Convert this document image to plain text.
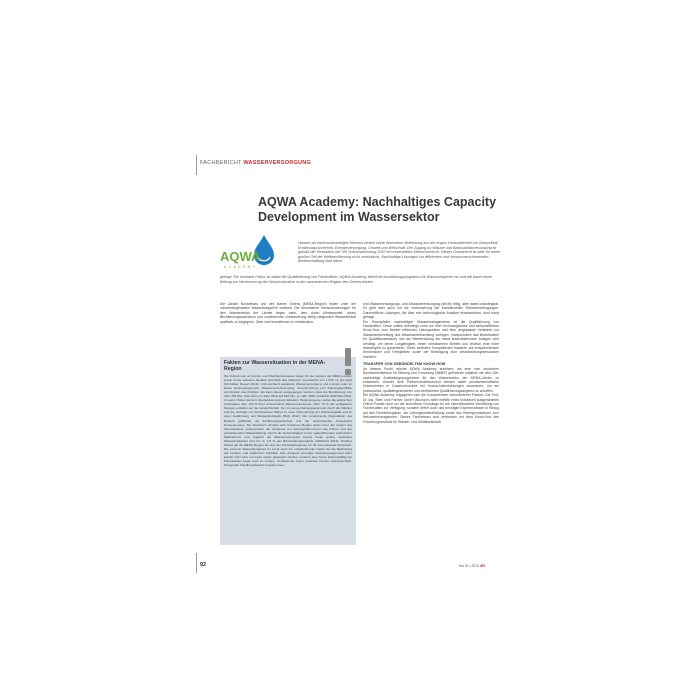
FACHBERICHT WASSERVERSORGUNG
AQWA Academy: Nachhaltiges Capacity Development im Wassersektor
AQWA
ACADEMY
Wasser als lebensnotwendiges Element besitzt seine besondere Bedeutung aus der engen Verbundenheit mit Gesundheit, Ernährungssicherheit, Energieversorgung, Umwelt und Wirtschaft. Der Zugang zu Wasser und Basissanitärversorgung ist gemäß der Resolution der UN-Vollversammlung 2010 ein essenzielles Menschenrecht. Dieses Grundrecht ist aber für einen großen Teil der Weltbevölkerung nicht verwirklicht. Nachhaltige Lösungen zur effizienten und ressourcenschonenden Bewirtschaftung sind daher
gefragt. Ein zentraler Faktor ist dabei die Qualifizierung von Fachkräften. AQWA Academy bietet ein Ausbildungsprogramm für Wasserexperten an und will damit einen Beitrag zur Verbesserung der Wassersituation in der wasserarmen Region des Orients leisten.
Die Länder Nordafrikas und des Nahen Ostens (MENA-Region) leiden unter der schwerwiegendsten Wasserknappheit weltweit. Die besonderen Herausforderungen für den Wassersektor der Länder liegen dann, dem durch Klimawandel, hohes Bevölkerungswachstum und zunehmende Urbanisierung stetig steigenden Wasserbedarf qualitativ zu begegnen. Zwar sind Investitionen in Infrastruktur
Fakten zur Wassersituation in der MENA-Region
Die Vorkommen an Grund- und Oberflächenwasser liegen für die meisten der MENA-Länder schon heute teilweise deutlich unterhalb des kritischen Grenzwerts von 1.000 m³ pro Kopf (UN-Water Report 2012). Unzureichend gewartete Wasserversorgung und marode oder zu kleine Entsorgungsnetze, Wasserverschwendung, Verschmutzung und Nutzungskonflikte verschärfen das Problem. Es kann davon ausgegangen werden, dass die Bevölkerung von über 359 Mio. Menschen im Jahr 2010 auf 692 Mio. im Jahr 2050 anwächst (ESCWA 2012). In weiten Teilen werden Überlandversorgung diskutiert. Beispielsweise nutzen die arabischen Golfstaaten über 100 % ihrer erneuerbaren Wasserressourcen. Über 70 % der verfügbaren Mengen entfallen auf die Landwirtschaft. Der immense Nutzungsanspruch durch die Flächen und die Verträge von Frischwasser führen zu einer Übernutzung der Wasserqualität und zu einer Gefährdung des Wasserkreislaufs (BAG 2012). Die zunehmende Degradation des Bodens gefährdet die Ernährungssicherheit und hat weitreichende ökologische Konsequenzen. Der klimatisch ohnehin sehr trockenen Region leidet unter den Folgen des Klimawandels, insbesondere der Zunahme von Extremphänomenen wie Dürren und der schwankenden Wasserbildung. Durch die Notwendigkeit immer weiterführender technischer Maßnahmen und zugleich die Wasserversorgung bereits heute großer weltweiter Wasserknappheit wird bis zu 2,5 % des Bruttoinlandsprodukts (UNESCO 2010). Darüber hinaus gilt die MENA-Region als eine der Schlüsselregionen für die internationale Sicherheit. Die extreme Wasserknappheit ist somit auch ein entscheidender Faktor für die Bedrohung der sozialen und politischen Stabilität. Das dringend benötigte Wassermanagement kann jedoch nicht oder nur kaum weiter gesteigert werden, sondern eher heute leistungsfähig ein Klimawandel sogar noch zu senken. Umfassende Krisen scheinen bereits unausweichlich. Dringender Handlungsbedarf ist gekommen.

und Wasserversorgungs- und Abwasserentsorgung (leicht) nötig, aber dabei unabdingbar. Es geht aber auch um die Verbesserung der institutionellen Rahmenbedingungen. Ganzheitliche Lösungen, die über rein technologische Ansätze hinausreichen, sind somit gefragt.

Ein Grundpfeiler nachhaltigen Wassermanagements ist die Qualifizierung von Fachkräften. Diese sollten allerdings nicht nur über technologisches und wirtschaftliches Know-How zum Betrieb effizienter Leitungsnetze und über angepasste Verfahren zur Wasseraufbereitung und Abwasserbehandlung verfügen. Insbesondere das Bewusstsein für Qualitätsstandards und die Werterhaltung der meist kostenintensiven Anlagen wird benötigt, um deren Langlebigkeit, einen verlustarmen Betrieb und letztlich eine hohe Wassergüte zu garantieren. Diese zentralen Kompetenzen basieren auf entsprechenden Kenntnissen und Fertigkeiten sowie der Befähigung zum verantwortungsbewussten Handeln.

TRANSFER VON GEBÜNDELTEM KNOW-HOW

An diesem Punkt möchte AQWA Academy ansetzen: als eine vom deutschen Bundesministerium für Bildung und Forschung (BMBF) geförderte Initiative mit dem Ziel, nachhaltige Ausbildungsprogramme für den Wassersektor der MENA-Länder zu entwickeln. Gemäß dem Partnerschaftskonzept werden dabei privatwirtschaftliche Unternehmen in Zusammenarbeit mit Hochschuleinrichtungen zusammen, um ein praxisnahes, qualitätsgesichertes und zertifiziertes Qualifizierungsangebot zu schaffen.

Bei AQWA Academy engagieren sich die Kompetenzen verschiedener Partner. Die Prof. Dr.-Ing. Stein und Partner GmbH (Bochum) stellt mithilfe eines individuell ausgerichteten Online-Portals nicht nur die technische Grundlage für die internetbasierte Vermittlung von Fachinhalten zur Verfügung, sondern liefert auch das benötigte Expertenwissen in Bezug auf den Rohrleitungsbau, die Leitungsinstandhaltung sowie das Hintergrundwissen zum Netzwerkmanagement. Dieses Fachwissen wird verbunden mit dem Know-How des Forschungsinstituts für Wasser- und Abfallwirtschaft

92	bbr 01 | 2013 3R
